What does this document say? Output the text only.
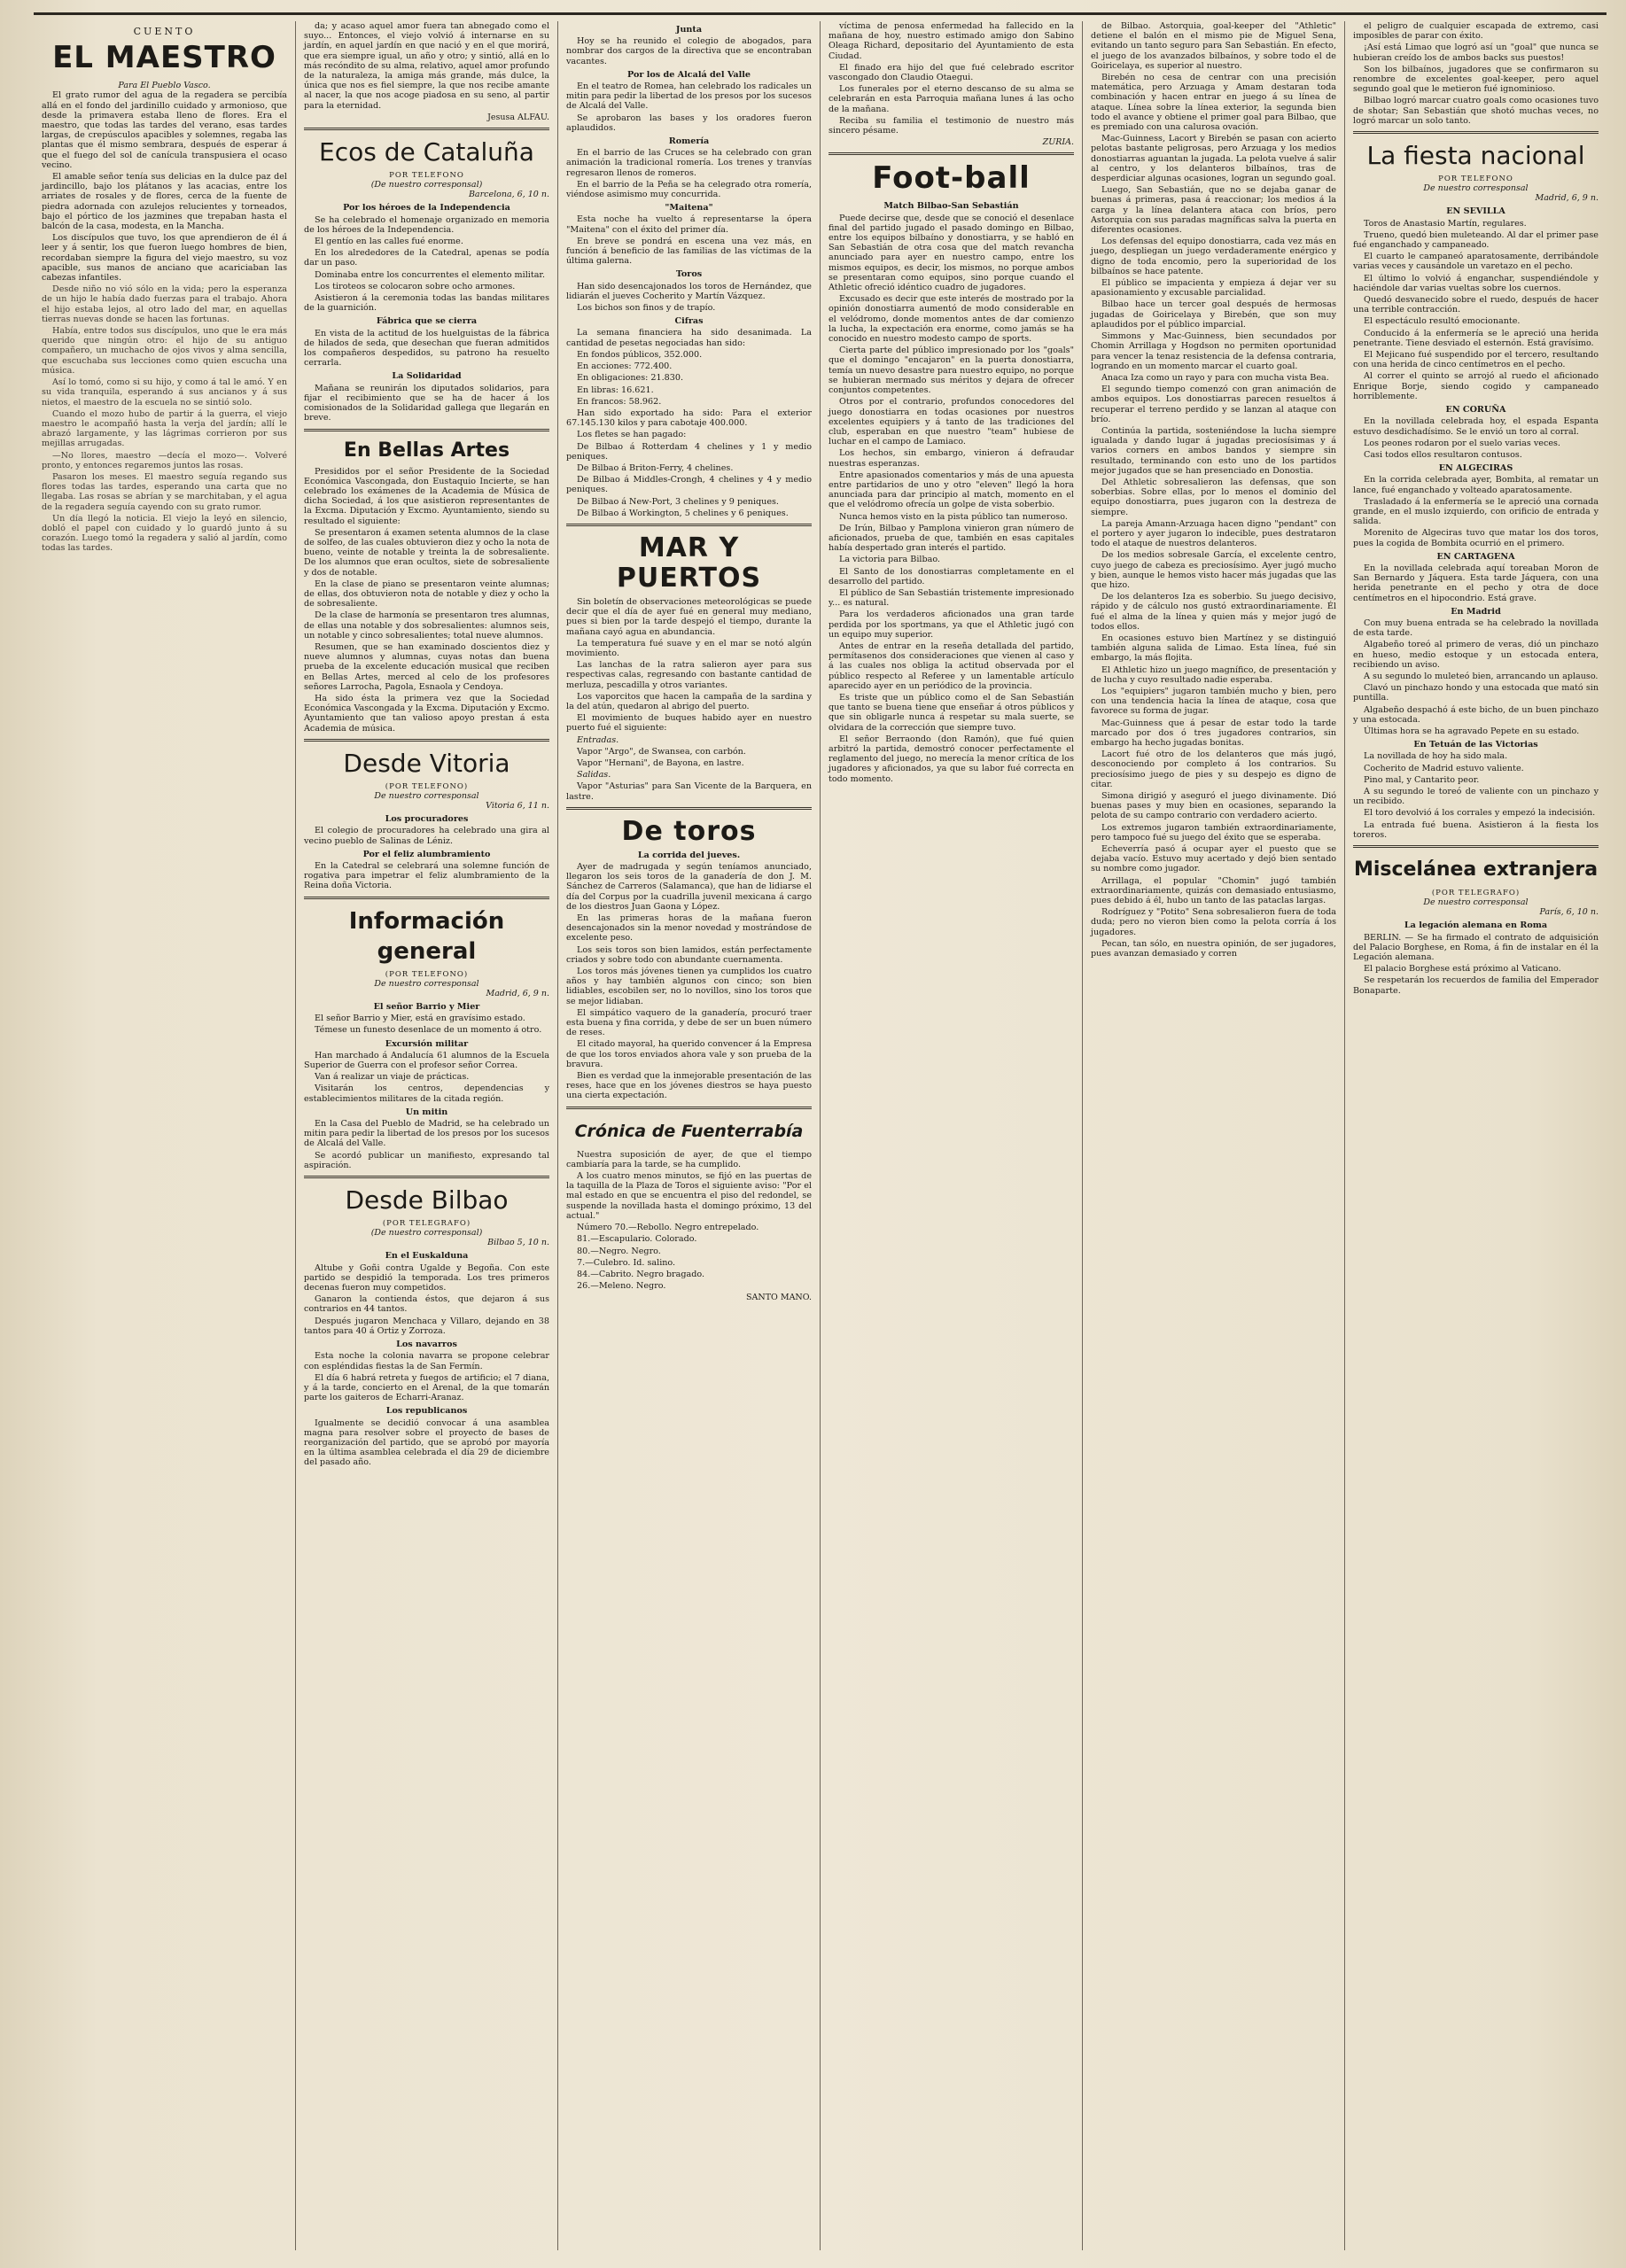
CUENTO
EL MAESTRO
Para El Pueblo Vasco.

El grato rumor del agua de la regadera se percibía allá en el fondo del jardinillo cuidado y armonioso, que desde la primavera estaba lleno de flores. Era el maestro, que todas las tardes del verano, esas tardes largas, de crepúsculos apacibles y solemnes, regaba las plantas que él mismo sembrara, después de esperar á que el fuego del sol de canícula transpusiera el ocaso vecino.

El amable señor tenía sus delicias en la dulce paz del jardincillo, bajo los plátanos y las acacias, entre los arriates de rosales y de flores, cerca de la fuente de piedra adornada con azulejos relucientes y torneados, bajo el pórtico de los jazmines que trepaban hasta el balcón de la casa, modesta, en la Mancha.

Los discípulos que tuvo, los que aprendieron de él á leer y á sentir, los que fueron luego hombres de bien, recordaban siempre la figura del viejo maestro, su voz apacible, sus manos de anciano que acariciaban las cabezas infantiles.

Desde niño no vió sólo en la vida; pero la esperanza de un hijo le había dado fuerzas para el trabajo. Ahora el hijo estaba lejos, al otro lado del mar, en aquellas tierras nuevas donde se hacen las fortunas.

Había, entre todos sus discípulos, uno que le era más querido que ningún otro: el hijo de su antiguo compañero, un muchacho de ojos vivos y alma sencilla, que escuchaba sus lecciones como quien escucha una música.

Así lo tomó, como si su hijo, y como á tal le amó. Y en su vida tranquila, esperando á sus ancianos y á sus nietos, el maestro de la escuela no se sintió solo.

Cuando el mozo hubo de partir á la guerra, el viejo maestro le acompañó hasta la verja del jardín; allí le abrazó largamente, y las lágrimas corrieron por sus mejillas arrugadas.

—No llores, maestro —decía el mozo—. Volveré pronto, y entonces regaremos juntos las rosas.

Pasaron los meses. El maestro seguía regando sus flores todas las tardes, esperando una carta que no llegaba. Las rosas se abrían y se marchitaban, y el agua de la regadera seguía cayendo con su grato rumor.

Un día llegó la noticia. El viejo la leyó en silencio, dobló el papel con cuidado y lo guardó junto á su corazón. Luego tomó la regadera y salió al jardín, como todas las tardes.

da; y acaso aquel amor fuera tan abnegado como el suyo... Entonces, el viejo volvió á internarse en su jardín, en aquel jardín en que nació y en el que morirá, que era siempre igual, un año y otro; y sintió, allá en lo más recóndito de su alma, relativo, aquel amor profundo de la naturaleza, la amiga más grande, más dulce, la única que nos es fiel siempre, la que nos recibe amante al nacer, la que nos acoge piadosa en su seno, al partir para la eternidad.

Jesusa ALFAU.
Ecos de Cataluña
POR TELEFONO
(De nuestro corresponsal)
Barcelona, 6, 10 n.
Por los héroes de la Independencia

Se ha celebrado el homenaje organizado en memoria de los héroes de la Independencia.

El gentío en las calles fué enorme.

En los alrededores de la Catedral, apenas se podía dar un paso.

Dominaba entre los concurrentes el elemento militar.

Los tiroteos se colocaron sobre ocho armones.

Asistieron á la ceremonia todas las bandas militares de la guarnición.

Fábrica que se cierra

En vista de la actitud de los huelguistas de la fábrica de hilados de seda, que desechan que fueran admitidos los compañeros despedidos, su patrono ha resuelto cerrarla.

La Solidaridad

Mañana se reunirán los diputados solidarios, para fijar el recibimiento que se ha de hacer á los comisionados de la Solidaridad gallega que llegarán en breve.

En Bellas Artes

Presididos por el señor Presidente de la Sociedad Económica Vascongada, don Eustaquio Incierte, se han celebrado los exámenes de la Academia de Música de dicha Sociedad, á los que asistieron representantes de la Excma. Diputación y Excmo. Ayuntamiento, siendo su resultado el siguiente:

Se presentaron á examen setenta alumnos de la clase de solfeo, de las cuales obtuvieron diez y ocho la nota de bueno, veinte de notable y treinta la de sobresaliente. De los alumnos que eran ocultos, siete de sobresaliente y dos de notable.

En la clase de piano se presentaron veinte alumnas; de ellas, dos obtuvieron nota de notable y diez y ocho la de sobresaliente.

De la clase de harmonía se presentaron tres alumnas, de ellas una notable y dos sobresalientes: alumnos seis, un notable y cinco sobresalientes; total nueve alumnos.

Resumen, que se han examinado doscientos diez y nueve alumnos y alumnas, cuyas notas dan buena prueba de la excelente educación musical que reciben en Bellas Artes, merced al celo de los profesores señores Larrocha, Pagola, Esnaola y Cendoya.

Ha sido ésta la primera vez que la Sociedad Económica Vascongada y la Excma. Diputación y Excmo. Ayuntamiento que tan valioso apoyo prestan á esta Academia de música.

Desde Vitoria
(POR TELEFONO)
De nuestro corresponsal
Vitoria 6, 11 n.
Los procuradores

El colegio de procuradores ha celebrado una gira al vecino pueblo de Salinas de Léniz.

Por el feliz alumbramiento

En la Catedral se celebrará una solemne función de rogativa para impetrar el feliz alumbramiento de la Reina doña Victoria.

Información general
(POR TELEFONO)
De nuestro corresponsal
Madrid, 6, 9 n.
El señor Barrio y Mier

El señor Barrio y Mier, está en gravísimo estado.

Témese un funesto desenlace de un momento á otro.

Excursión militar

Han marchado á Andalucía 61 alumnos de la Escuela Superior de Guerra con el profesor señor Correa.

Van á realizar un viaje de prácticas.

Visitarán los centros, dependencias y establecimientos militares de la citada región.

Un mitin

En la Casa del Pueblo de Madrid, se ha celebrado un mitin para pedir la libertad de los presos por los sucesos de Alcalá del Valle.

Se acordó publicar un manifiesto, expresando tal aspiración.

Desde Bilbao
(POR TELEGRAFO)
(De nuestro corresponsal)
Bilbao 5, 10 n.
En el Euskalduna

Altube y Goñi contra Ugalde y Begoña. Con este partido se despidió la temporada. Los tres primeros decenas fueron muy competidos.

Ganaron la contienda éstos, que dejaron á sus contrarios en 44 tantos.

Después jugaron Menchaca y Villaro, dejando en 38 tantos para 40 á Ortiz y Zorroza.

Los navarros

Esta noche la colonia navarra se propone celebrar con espléndidas fiestas la de San Fermín.

El día 6 habrá retreta y fuegos de artificio; el 7 diana, y á la tarde, concierto en el Arenal, de la que tomarán parte los gaiteros de Echarri-Aranaz.

Los republicanos

Igualmente se decidió convocar á una asamblea magna para resolver sobre el proyecto de bases de reorganización del partido, que se aprobó por mayoría en la última asamblea celebrada el día 29 de diciembre del pasado año.

Junta

Hoy se ha reunido el colegio de abogados, para nombrar dos cargos de la directiva que se encontraban vacantes.

Por los de Alcalá del Valle

En el teatro de Romea, han celebrado los radicales un mitin para pedir la libertad de los presos por los sucesos de Alcalá del Valle.

Se aprobaron las bases y los oradores fueron aplaudidos.

Romería

En el barrio de las Cruces se ha celebrado con gran animación la tradicional romería. Los trenes y tranvías regresaron llenos de romeros.

En el barrio de la Peña se ha celegrado otra romería, viéndose asimismo muy concurrida.

"Maitena"

Esta noche ha vuelto á representarse la ópera "Maitena" con el éxito del primer día.

En breve se pondrá en escena una vez más, en función á beneficio de las familias de las víctimas de la última galerna.

Toros

Han sido desencajonados los toros de Hernández, que lidiarán el jueves Cocherito y Martín Vázquez.

Los bichos son finos y de trapío.

Cifras

La semana financiera ha sido desanimada. La cantidad de pesetas negociadas han sido:

En fondos públicos, 352.000.

En acciones: 772.400.

En obligaciones: 21.830.

En libras: 16.621.

En francos: 58.962.

Han sido exportado ha sido: Para el exterior 67.145.130 kilos y para cabotaje 400.000.

Los fletes se han pagado:

De Bilbao á Rotterdam 4 chelines y 1 y medio peniques.

De Bilbao á Briton-Ferry, 4 chelines.

De Bilbao á Middles-Crongh, 4 chelines y 4 y medio peniques.

De Bilbao á New-Port, 3 chelines y 9 peniques.

De Bilbao á Workington, 5 chelines y 6 peniques.

MAR Y PUERTOS

Sin boletín de observaciones meteorológicas se puede decir que el día de ayer fué en general muy mediano, pues si bien por la tarde despejó el tiempo, durante la mañana cayó agua en abundancia.

La temperatura fué suave y en el mar se notó algún movimiento.

Las lanchas de la ratra salieron ayer para sus respectivas calas, regresando con bastante cantidad de merluza, pescadilla y otros variantes.

Los vaporcitos que hacen la campaña de la sardina y la del atún, quedaron al abrigo del puerto.

El movimiento de buques habido ayer en nuestro puerto fué el siguiente:

Entradas.

Vapor "Argo", de Swansea, con carbón.

Vapor "Hernani", de Bayona, en lastre.

Salidas.

Vapor "Asturias" para San Vicente de la Barquera, en lastre.

De toros
La corrida del jueves.

Ayer de madrugada y según teníamos anunciado, llegaron los seis toros de la ganadería de don J. M. Sánchez de Carreros (Salamanca), que han de lidiarse el día del Corpus por la cuadrilla juvenil mexicana á cargo de los diestros Juan Gaona y López.

En las primeras horas de la mañana fueron desencajonados sin la menor novedad y mostrándose de excelente peso.

Los seis toros son bien lamidos, están perfectamente criados y sobre todo con abundante cuernamenta.

Los toros más jóvenes tienen ya cumplidos los cuatro años y hay también algunos con cinco; son bien lidiables, escobilen ser, no lo novillos, sino los toros que se mejor lidiaban.

El simpático vaquero de la ganadería, procuró traer esta buena y fina corrida, y debe de ser un buen número de reses.

El citado mayoral, ha querido convencer á la Empresa de que los toros enviados ahora vale y son prueba de la bravura.

Bien es verdad que la inmejorable presentación de las reses, hace que en los jóvenes diestros se haya puesto una cierta expectación.

Crónica de Fuenterrabía

Nuestra suposición de ayer, de que el tiempo cambiaría para la tarde, se ha cumplido.

A los cuatro menos minutos, se fijó en las puertas de la taquilla de la Plaza de Toros el siguiente aviso: "Por el mal estado en que se encuentra el piso del redondel, se suspende la novillada hasta el domingo próximo, 13 del actual."

Número 70.—Rebollo. Negro entrepelado.

81.—Escapulario. Colorado.

80.—Negro. Negro.

7.—Culebro. Id. salino.

84.—Cabrito. Negro bragado.

26.—Meleno. Negro.

SANTO MANO.

víctima de penosa enfermedad ha fallecido en la mañana de hoy, nuestro estimado amigo don Sabino Oleaga Richard, depositario del Ayuntamiento de esta Ciudad.

El finado era hijo del que fué celebrado escritor vascongado don Claudio Otaegui.

Los funerales por el eterno descanso de su alma se celebrarán en esta Parroquia mañana lunes á las ocho de la mañana.

Reciba su familia el testimonio de nuestro más sincero pésame.

ZURIA.
Foot-ball
Match Bilbao-San Sebastián

Puede decirse que, desde que se conoció el desenlace final del partido jugado el pasado domingo en Bilbao, entre los equipos bilbaíno y donostiarra, y se habló en San Sebastián de otra cosa que del match revancha anunciado para ayer en nuestro campo, entre los mismos equipos, es decir, los mismos, no porque ambos se presentaran como equipos, sino porque cuando el Athletic ofreció idéntico cuadro de jugadores.

Excusado es decir que este interés de mostrado por la opinión donostiarra aumentó de modo considerable en el velódromo, donde momentos antes de dar comienzo la lucha, la expectación era enorme, como jamás se ha conocido en nuestro modesto campo de sports.

Cierta parte del público impresionado por los "goals" que el domingo "encajaron" en la puerta donostiarra, temía un nuevo desastre para nuestro equipo, no porque se hubieran mermado sus méritos y dejara de ofrecer conjuntos competentes.

Otros por el contrario, profundos conocedores del juego donostiarra en todas ocasiones por nuestros excelentes equipiers y á tanto de las tradiciones del club, esperaban en que nuestro "team" hubiese de luchar en el campo de Lamiaco.

Los hechos, sin embargo, vinieron á defraudar nuestras esperanzas.

Entre apasionados comentarios y más de una apuesta entre partidarios de uno y otro "eleven" llegó la hora anunciada para dar principio al match, momento en el que el velódromo ofrecía un golpe de vista soberbio.

Nunca hemos visto en la pista público tan numeroso.

De Irún, Bilbao y Pamplona vinieron gran número de aficionados, prueba de que, también en esas capitales había despertado gran interés el partido.

La victoria para Bilbao.

El Santo de los donostiarras completamente en el desarrollo del partido.

El público de San Sebastián tristemente impresionado y... es natural.

Para los verdaderos aficionados una gran tarde perdida por los sportmans, ya que el Athletic jugó con un equipo muy superior.

Antes de entrar en la reseña detallada del partido, permítasenos dos consideraciones que vienen al caso y á las cuales nos obliga la actitud observada por el público respecto al Referee y un lamentable artículo aparecido ayer en un periódico de la provincia.

Es triste que un público como el de San Sebastián que tanto se buena tiene que enseñar á otros públicos y que sin obligarle nunca á respetar su mala suerte, se olvidara de la corrección que siempre tuvo.

El señor Berraondo (don Ramón), que fué quien arbitró la partida, demostró conocer perfectamente el reglamento del juego, no merecía la menor crítica de los jugadores y aficionados, ya que su labor fué correcta en todo momento.

de Bilbao. Astorquia, goal-keeper del "Athletic" detiene el balón en el mismo pie de Miguel Sena, evitando un tanto seguro para San Sebastián. En efecto, el juego de los avanzados bilbaínos, y sobre todo el de Goiricelaya, es superior al nuestro.

Birebén no cesa de centrar con una precisión matemática, pero Arzuaga y Amam destaran toda combinación y hacen entrar en juego á su línea de ataque. Línea sobre la línea exterior, la segunda bien todo el avance y obtiene el primer goal para Bilbao, que es premiado con una calurosa ovación.

Mac-Guinness, Lacort y Birebén se pasan con acierto pelotas bastante peligrosas, pero Arzuaga y los medios donostiarras aguantan la jugada. La pelota vuelve á salir al centro, y los delanteros bilbaínos, tras de desperdiciar algunas ocasiones, logran un segundo goal.

Luego, San Sebastián, que no se dejaba ganar de buenas á primeras, pasa á reaccionar; los medios á la carga y la línea delantera ataca con bríos, pero Astorquia con sus paradas magníficas salva la puerta en diferentes ocasiones.

Los defensas del equipo donostiarra, cada vez más en juego, despliegan un juego verdaderamente enérgico y digno de toda encomio, pero la superioridad de los bilbaínos se hace patente.

El público se impacienta y empieza á dejar ver su apasionamiento y excusable parcialidad.

Bilbao hace un tercer goal después de hermosas jugadas de Goiricelaya y Birebén, que son muy aplaudidos por el público imparcial.

Simmons y Mac-Guinness, bien secundados por Chomin Arrillaga y Hogdson no permiten oportunidad para vencer la tenaz resistencia de la defensa contraria, logrando en un momento marcar el cuarto goal.

Anaca Iza como un rayo y para con mucha vista Bea.

El segundo tiempo comenzó con gran animación de ambos equipos. Los donostiarras parecen resueltos á recuperar el terreno perdido y se lanzan al ataque con brío.

Continúa la partida, sosteniéndose la lucha siempre igualada y dando lugar á jugadas preciosísimas y á varios corners en ambos bandos y siempre sin resultado, terminando con esto uno de los partidos mejor jugados que se han presenciado en Donostia.

Del Athletic sobresalieron las defensas, que son soberbias. Sobre ellas, por lo menos el dominio del equipo donostiarra, pues jugaron con la destreza de siempre.

La pareja Amann-Arzuaga hacen digno "pendant" con el portero y ayer jugaron lo indecible, pues destrataron todo el ataque de nuestros delanteros.

De los medios sobresale García, el excelente centro, cuyo juego de cabeza es preciosísimo. Ayer jugó mucho y bien, aunque le hemos visto hacer más jugadas que las que hizo.

De los delanteros Iza es soberbio. Su juego decisivo, rápido y de cálculo nos gustó extraordinariamente. Él fué el alma de la línea y quien más y mejor jugó de todos ellos.

En ocasiones estuvo bien Martínez y se distinguió también alguna salida de Limao. Esta línea, fué sin embargo, la más flojita.

El Athletic hizo un juego magnífico, de presentación y de lucha y cuyo resultado nadie esperaba.

Los "equipiers" jugaron también mucho y bien, pero con una tendencia hacia la línea de ataque, cosa que favorece su forma de jugar.

Mac-Guinness que á pesar de estar todo la tarde marcado por dos ó tres jugadores contrarios, sin embargo ha hecho jugadas bonitas.

Lacort fué otro de los delanteros que más jugó, desconociendo por completo á los contrarios. Su preciosísimo juego de pies y su despejo es digno de citar.

Simona dirigió y aseguró el juego divinamente. Dió buenas pases y muy bien en ocasiones, separando la pelota de su campo contrario con verdadero acierto.

Los extremos jugaron también extraordinariamente, pero tampoco fué su juego del éxito que se esperaba.

Echeverría pasó á ocupar ayer el puesto que se dejaba vacío. Estuvo muy acertado y dejó bien sentado su nombre como jugador.

Arrillaga, el popular "Chomin" jugó también extraordinariamente, quizás con demasiado entusiasmo, pues debido á él, hubo un tanto de las pataclas largas.

Rodríguez y "Potito" Sena sobresalieron fuera de toda duda; pero no vieron bien como la pelota corría á los jugadores.

Pecan, tan sólo, en nuestra opinión, de ser jugadores, pues avanzan demasiado y corren

el peligro de cualquier escapada de extremo, casi imposibles de parar con éxito.

¡Así está Limao que logró así un "goal" que nunca se hubieran creído los de ambos backs sus puestos!

Son los bilbaínos, jugadores que se confirmaron su renombre de excelentes goal-keeper, pero aquel segundo goal que le metieron fué ignominioso.

Bilbao logró marcar cuatro goals como ocasiones tuvo de shotar; San Sebastián que shotó muchas veces, no logró marcar un solo tanto.

La fiesta nacional
POR TELEFONO
De nuestro corresponsal
Madrid, 6, 9 n.
EN SEVILLA

Toros de Anastasio Martín, regulares.

Trueno, quedó bien muleteando. Al dar el primer pase fué enganchado y campaneado.

El cuarto le campaneó aparatosamente, derribándole varias veces y causándole un varetazo en el pecho.

El último lo volvió á enganchar, suspendiéndole y haciéndole dar varias vueltas sobre los cuernos.

Quedó desvanecido sobre el ruedo, después de hacer una terrible contracción.

El espectáculo resultó emocionante.

Conducido á la enfermería se le apreció una herida penetrante. Tiene desviado el esternón. Está gravísimo.

El Mejicano fué suspendido por el tercero, resultando con una herida de cinco centímetros en el pecho.

Al correr el quinto se arrojó al ruedo el aficionado Enrique Borje, siendo cogido y campaneado horriblemente.

EN CORUÑA

En la novillada celebrada hoy, el espada Espanta estuvo desdichadísimo. Se le envió un toro al corral.

Los peones rodaron por el suelo varias veces.

Casi todos ellos resultaron contusos.

EN ALGECIRAS

En la corrida celebrada ayer, Bombita, al rematar un lance, fué enganchado y volteado aparatosamente.

Trasladado á la enfermería se le apreció una cornada grande, en el muslo izquierdo, con orificio de entrada y salida.

Morenito de Algeciras tuvo que matar los dos toros, pues la cogida de Bombita ocurrió en el primero.

EN CARTAGENA

En la novillada celebrada aquí toreaban Moron de San Bernardo y Jáquera. Esta tarde Jáquera, con una herida penetrante en el pecho y otra de doce centímetros en el hipocondrio. Está grave.

En Madrid

Con muy buena entrada se ha celebrado la novillada de esta tarde.

Algabeño toreó al primero de veras, dió un pinchazo en hueso, medio estoque y un estocada entera, recibiendo un aviso.

A su segundo lo muleteó bien, arrancando un aplauso.

Clavó un pinchazo hondo y una estocada que mató sin puntilla.

Algabeño despachó á este bicho, de un buen pinchazo y una estocada.

Últimas hora se ha agravado Pepete en su estado.

En Tetuán de las Victorias

La novillada de hoy ha sido mala.

Cocherito de Madrid estuvo valiente.

Pino mal, y Cantarito peor.

A su segundo le toreó de valiente con un pinchazo y un recibido.

El toro devolvió á los corrales y empezó la indecisión.

La entrada fué buena. Asistieron á la fiesta los toreros.

Miscelánea extranjera
(POR TELEGRAFO)
De nuestro corresponsal
París, 6, 10 n.
La legación alemana en Roma

BERLIN. — Se ha firmado el contrato de adquisición del Palacio Borghese, en Roma, á fin de instalar en él la Legación alemana.

El palacio Borghese está próximo al Vaticano.

Se respetarán los recuerdos de familia del Emperador Bonaparte.
